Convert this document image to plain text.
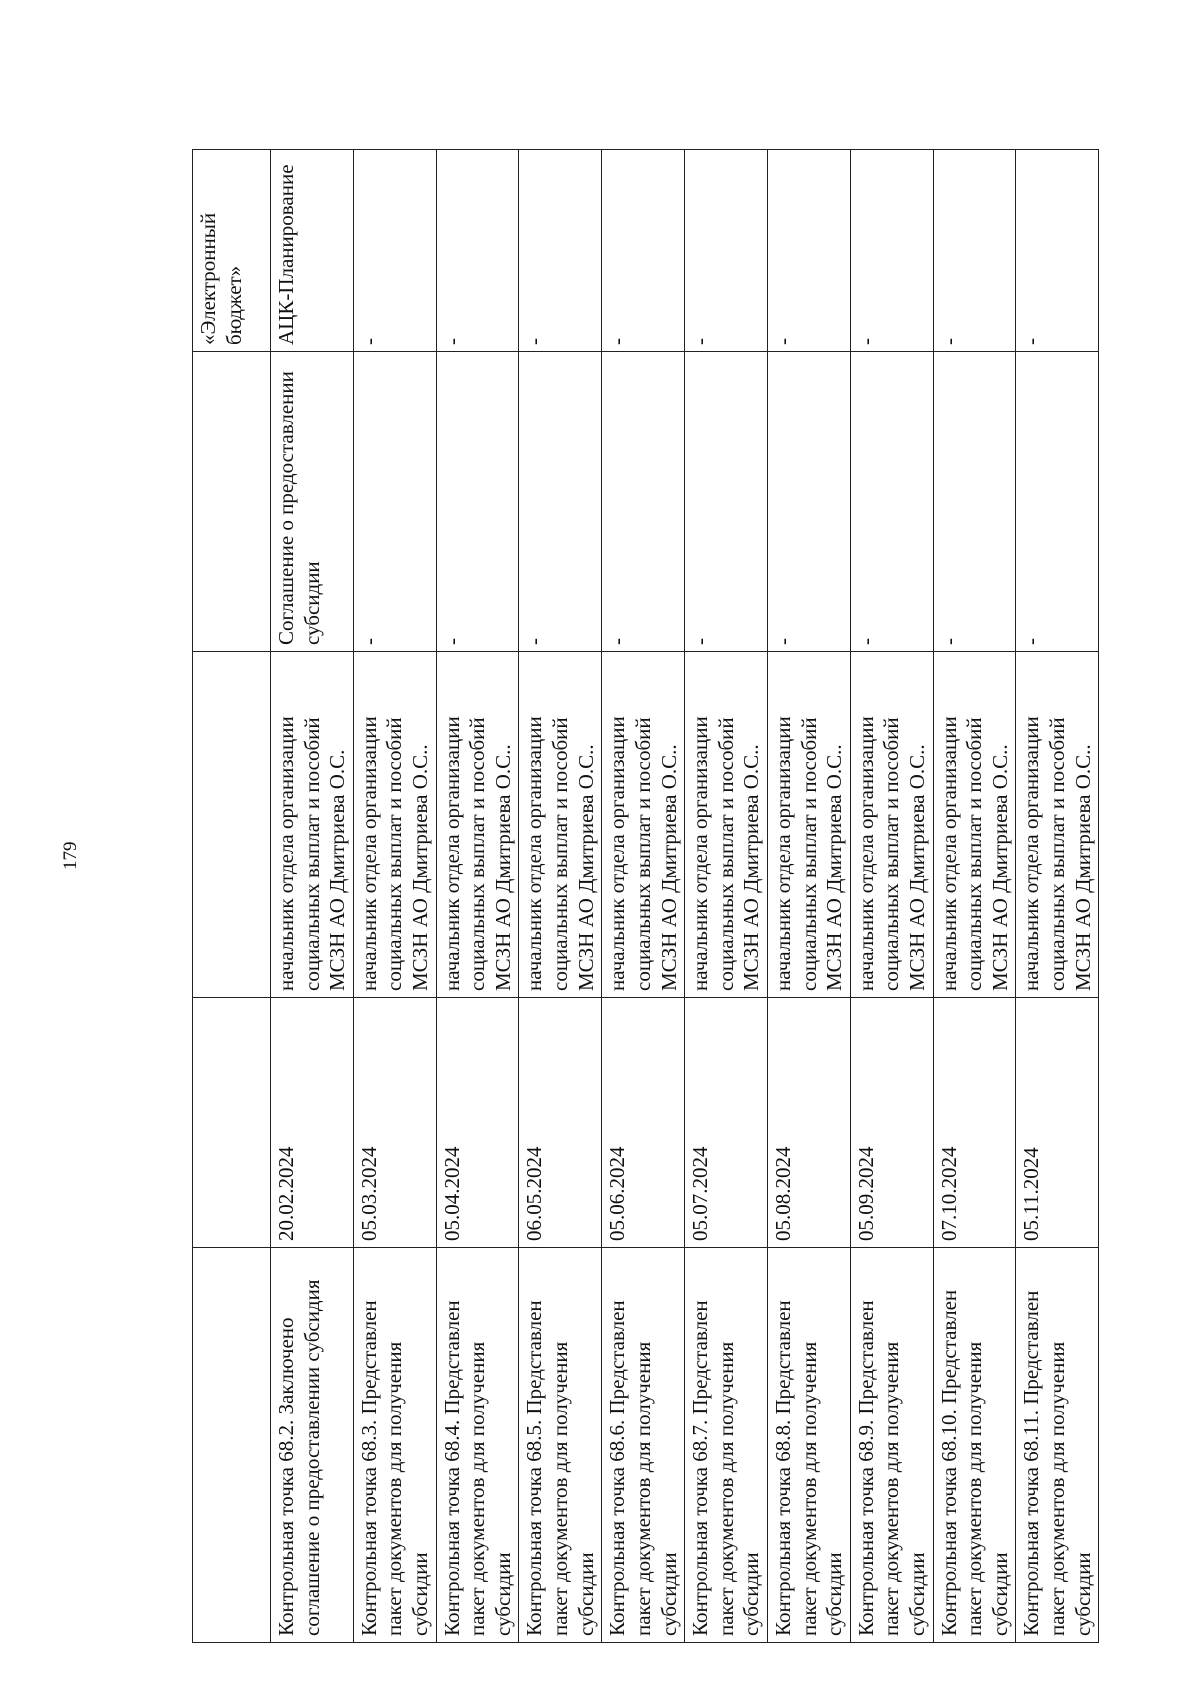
179
				«Электронный бюджет»
Контрольная точка 68.2. Заключено соглашение о предоставлении субсидия	20.02.2024	начальник отдела организации социальных выплат и пособий МСЗН АО Дмитриева О.С.	Соглашение о предоставлении субсидии	АЦК-Планирование
Контрольная точка 68.3. Представлен пакет документов для получения субсидии	05.03.2024	начальник отдела организации социальных выплат и пособий МСЗН АО Дмитриева О.С..	-	-
Контрольная точка 68.4. Представлен пакет документов для получения субсидии	05.04.2024	начальник отдела организации социальных выплат и пособий МСЗН АО Дмитриева О.С..	-	-
Контрольная точка 68.5. Представлен пакет документов для получения субсидии	06.05.2024	начальник отдела организации социальных выплат и пособий МСЗН АО Дмитриева О.С..	-	-
Контрольная точка 68.6. Представлен пакет документов для получения субсидии	05.06.2024	начальник отдела организации социальных выплат и пособий МСЗН АО Дмитриева О.С..	-	-
Контрольная точка 68.7. Представлен пакет документов для получения субсидии	05.07.2024	начальник отдела организации социальных выплат и пособий МСЗН АО Дмитриева О.С..	-	-
Контрольная точка 68.8. Представлен пакет документов для получения субсидии	05.08.2024	начальник отдела организации социальных выплат и пособий МСЗН АО Дмитриева О.С..	-	-
Контрольная точка 68.9. Представлен пакет документов для получения субсидии	05.09.2024	начальник отдела организации социальных выплат и пособий МСЗН АО Дмитриева О.С..	-	-
Контрольная точка 68.10. Представлен пакет документов для получения субсидии	07.10.2024	начальник отдела организации социальных выплат и пособий МСЗН АО Дмитриева О.С..	-	-
Контрольная точка 68.11. Представлен пакет документов для получения субсидии	05.11.2024	начальник отдела организации социальных выплат и пособий МСЗН АО Дмитриева О.С..	-	-
